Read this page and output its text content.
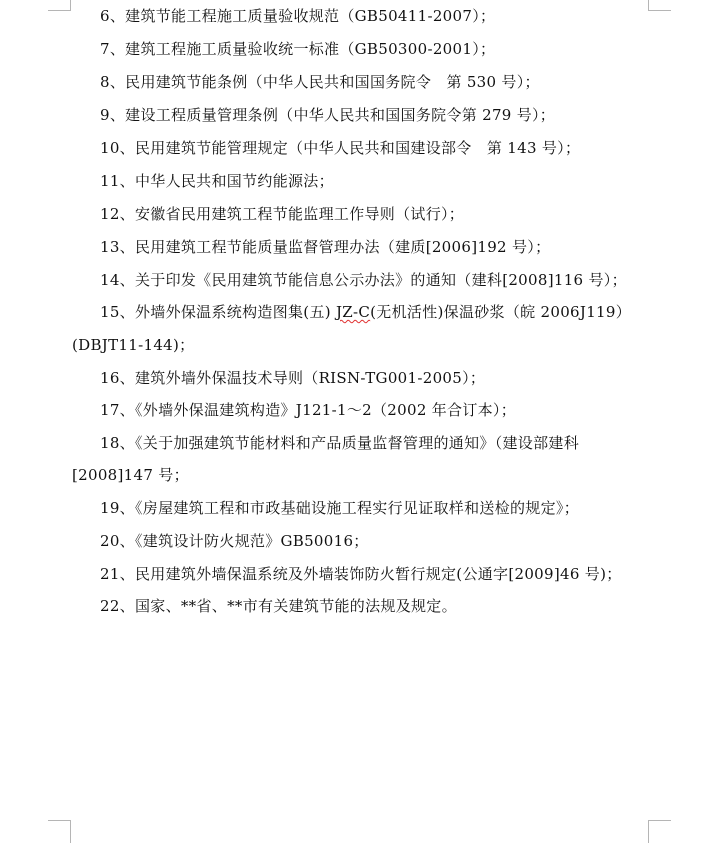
6、建筑节能工程施工质量验收规范（GB50411-2007）；
7、建筑工程施工质量验收统一标准（GB50300-2001）；
8、民用建筑节能条例（中华人民共和国国务院令　第 530 号）；
9、建设工程质量管理条例（中华人民共和国国务院令第 279 号）；
10、民用建筑节能管理规定（中华人民共和国建设部令　第 143 号）；
11、中华人民共和国节约能源法；
12、安徽省民用建筑工程节能监理工作导则（试行）；
13、民用建筑工程节能质量监督管理办法（建质[2006]192 号）；
14、关于印发《民用建筑节能信息公示办法》的通知（建科[2008]116 号）；
15、外墙外保温系统构造图集(五) JZ-C(无机活性)保温砂浆（皖 2006J119）
(DBJT11-144)；
16、建筑外墙外保温技术导则（RISN-TG001-2005）；
17、《外墙外保温建筑构造》J121-1～2（2002 年合订本）；
18、《关于加强建筑节能材料和产品质量监督管理的通知》（建设部建科
[2008]147 号；
19、《房屋建筑工程和市政基础设施工程实行见证取样和送检的规定》；
20、《建筑设计防火规范》GB50016；
21、民用建筑外墙保温系统及外墙装饰防火暂行规定(公通字[2009]46 号)；
22、国家、**省、**市有关建筑节能的法规及规定。
